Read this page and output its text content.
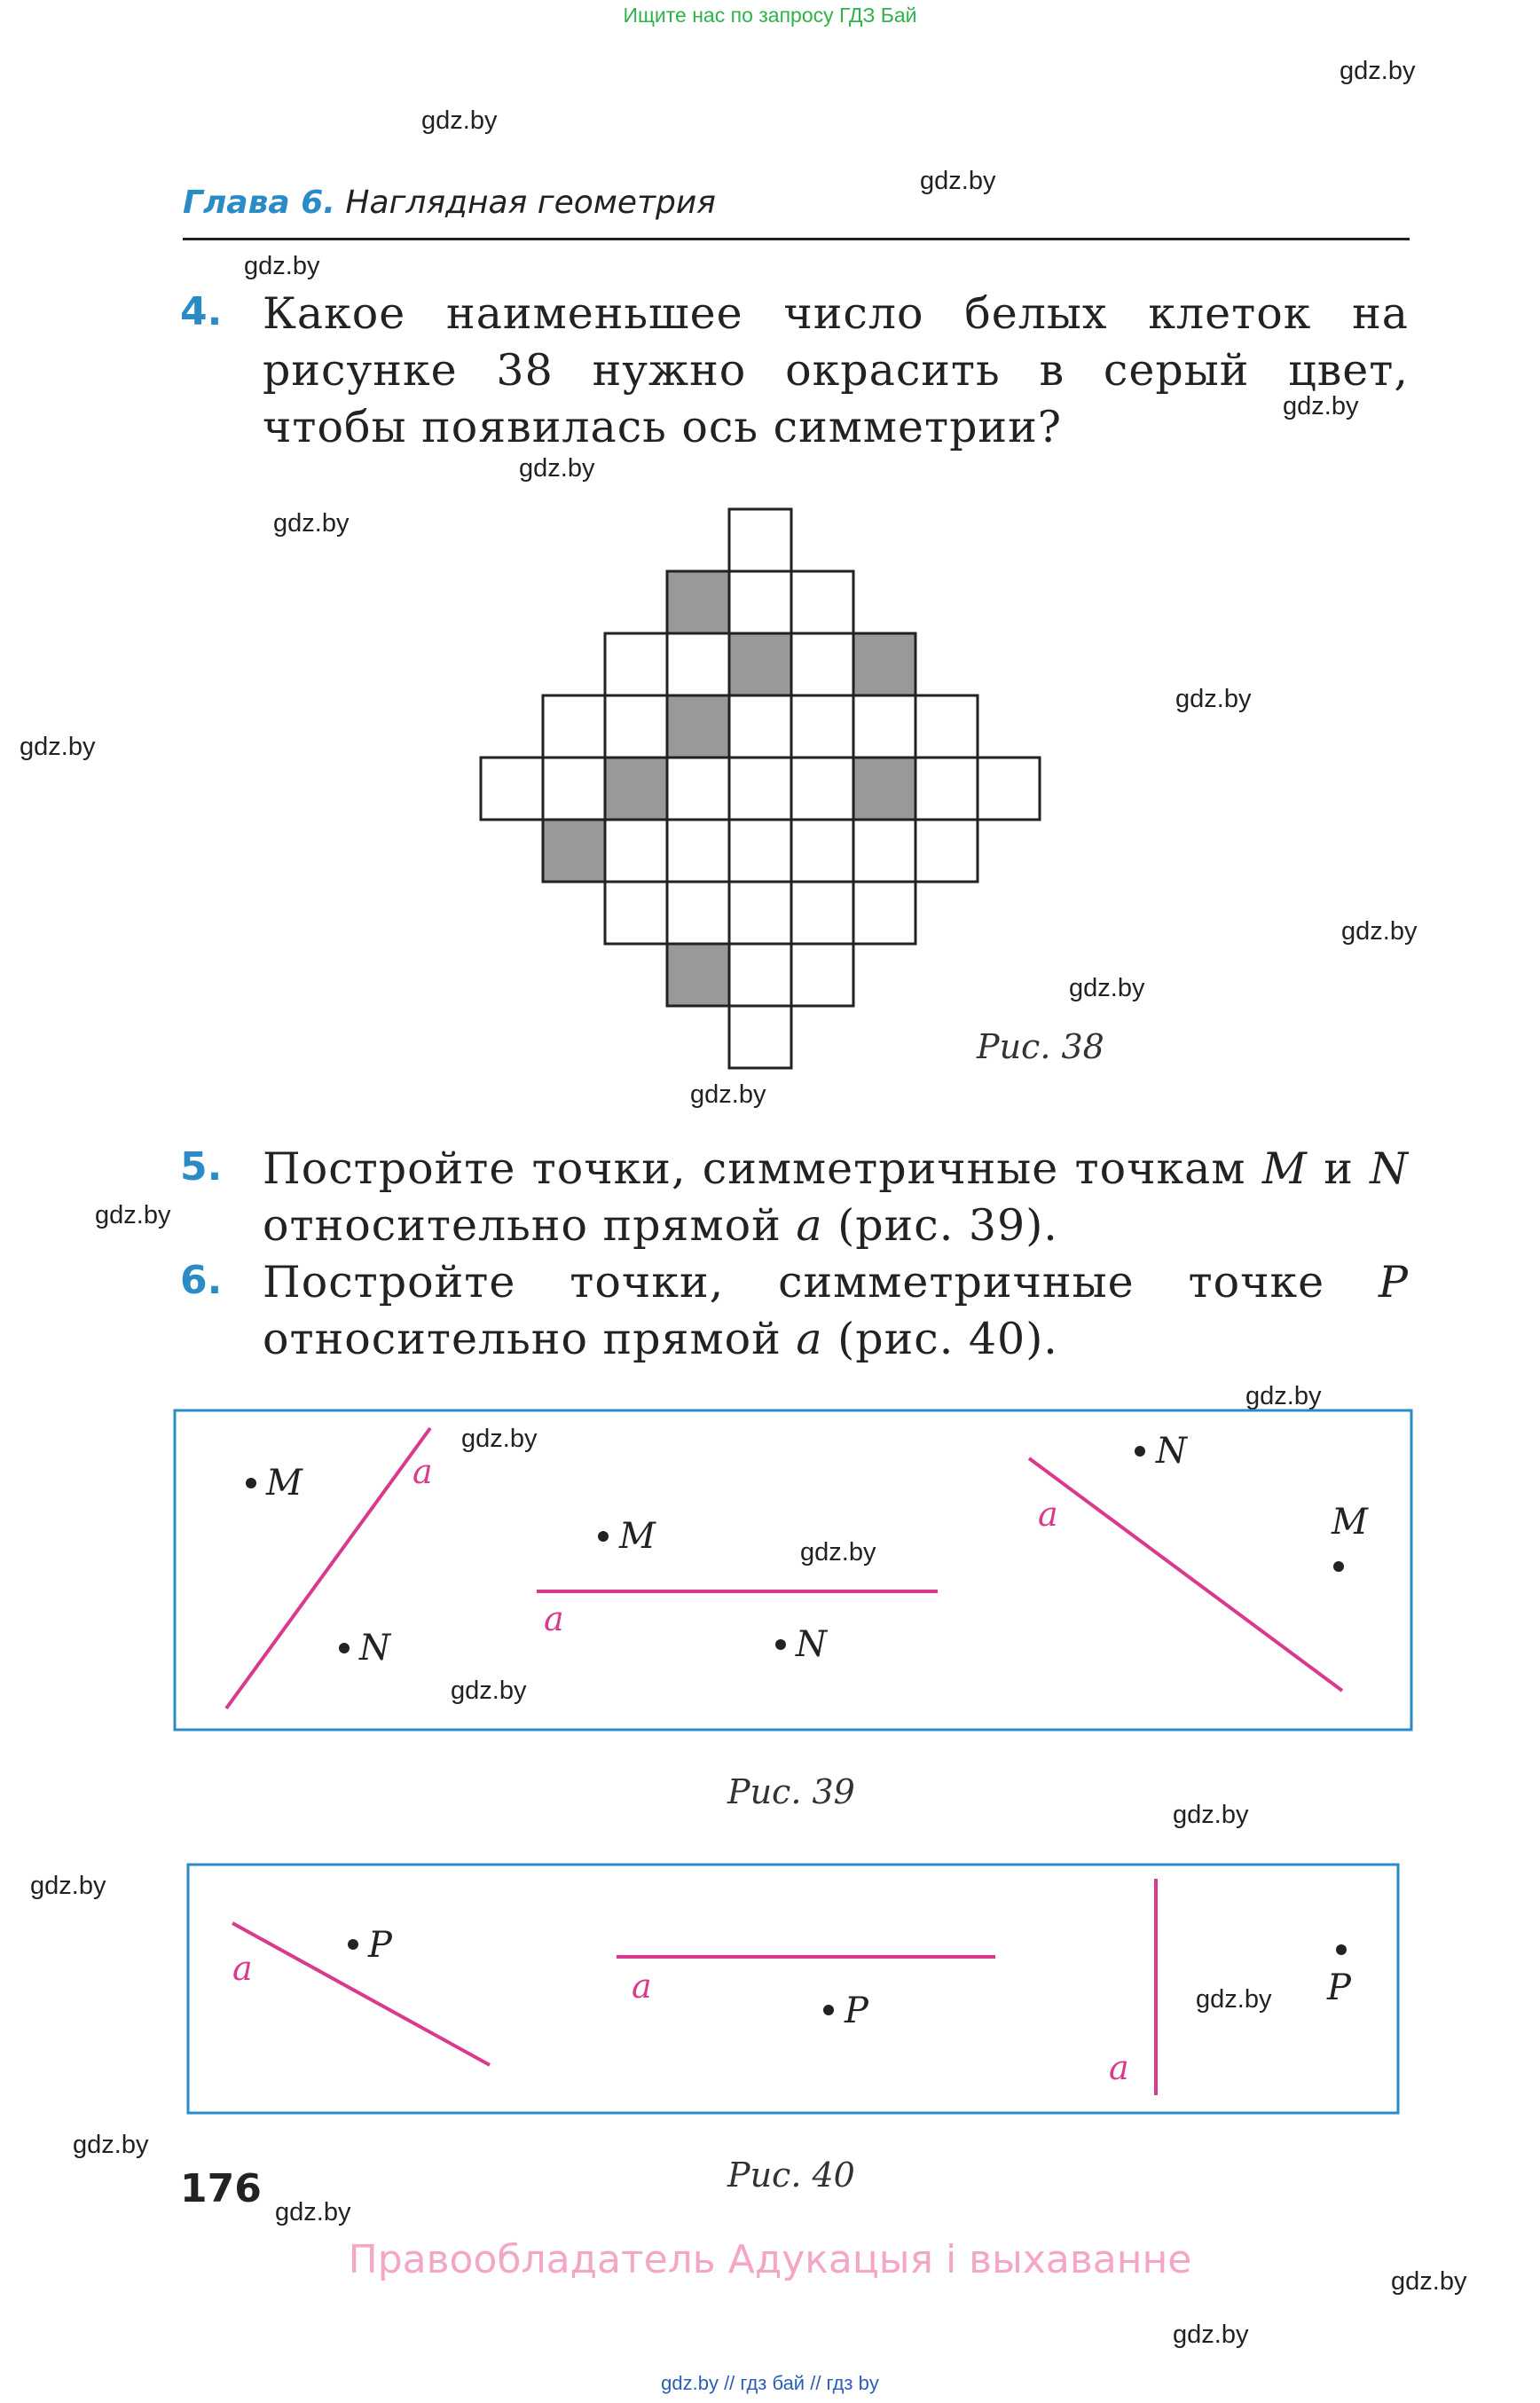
Ищите нас по запросу ГДЗ Бай
gdz.by
gdz.by
gdz.by
gdz.by
gdz.by
gdz.by
gdz.by
gdz.by
gdz.by
gdz.by
gdz.by
gdz.by
gdz.by
gdz.by
gdz.by
gdz.by
gdz.by
gdz.by
gdz.by
gdz.by
gdz.by
gdz.by
gdz.by
gdz.by
Глава 6. Наглядная геометрия
4. Какое наименьшее число белых клеток на рисунке 38 нужно окрасить в серый цвет, чтобы появилась ось симметрии?
Рис. 38
5. Постройте точки, симметричные точкам M и N относительно прямой a (рис. 39).
6. Постройте точки, симметричные точке P относительно прямой a (рис. 40).
a
M
N
a
M
N
a
N
M
Рис. 39
a
P
a
P
a
P
Рис. 40
176
Правообладатель Адукацыя і выхаванне
gdz.by // гдз бай // гдз by
